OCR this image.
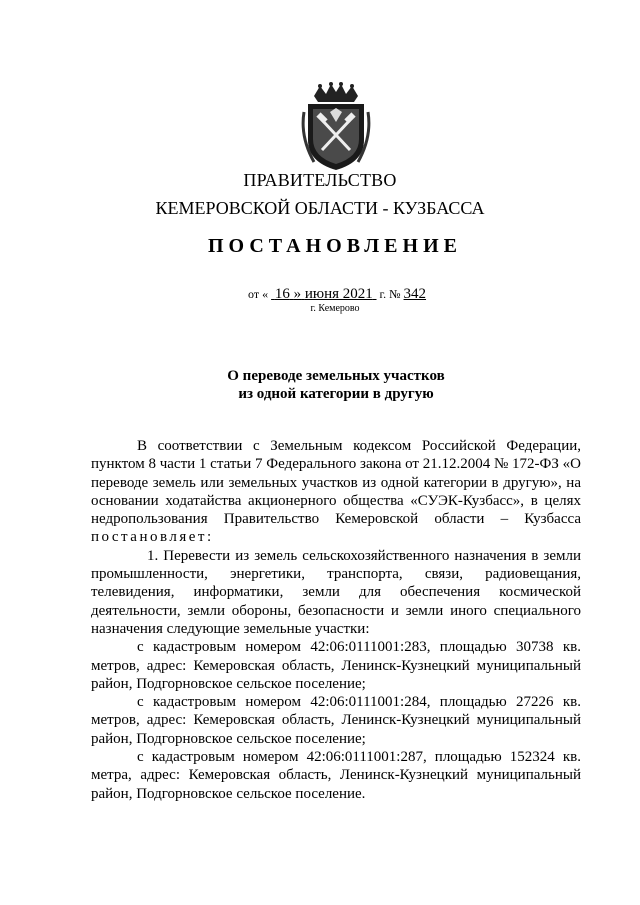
ПРАВИТЕЛЬСТВО
КЕМЕРОВСКОЙ ОБЛАСТИ - КУЗБАССА
ПОСТАНОВЛЕНИЕ
от « 16 » июня 2021 г. № 342
г. Кемерово
О переводе земельных участков
из одной категории в другую

В соответствии с Земельным кодексом Российской Федерации, пунктом 8 части 1 статьи 7 Федерального закона от 21.12.2004 № 172-ФЗ «О переводе земель или земельных участков из одной категории в другую», на основании ходатайства акционерного общества «СУЭК-Кузбасс», в целях недропользования Правительство Кемеровской области – Кузбасса постановляет:

1. Перевести из земель сельскохозяйственного назначения в земли промышленности, энергетики, транспорта, связи, радиовещания, телевидения, информатики, земли для обеспечения космической деятельности, земли обороны, безопасности и земли иного специального назначения следующие земельные участки:

с кадастровым номером 42:06:0111001:283, площадью 30738 кв. метров, адрес: Кемеровская область, Ленинск-Кузнецкий муниципальный район, Подгорновское сельское поселение;

с кадастровым номером 42:06:0111001:284, площадью 27226 кв. метров, адрес: Кемеровская область, Ленинск-Кузнецкий муниципальный район, Подгорновское сельское поселение;

с кадастровым номером 42:06:0111001:287, площадью 152324 кв. метра, адрес: Кемеровская область, Ленинск-Кузнецкий муниципальный район, Подгорновское сельское поселение.
